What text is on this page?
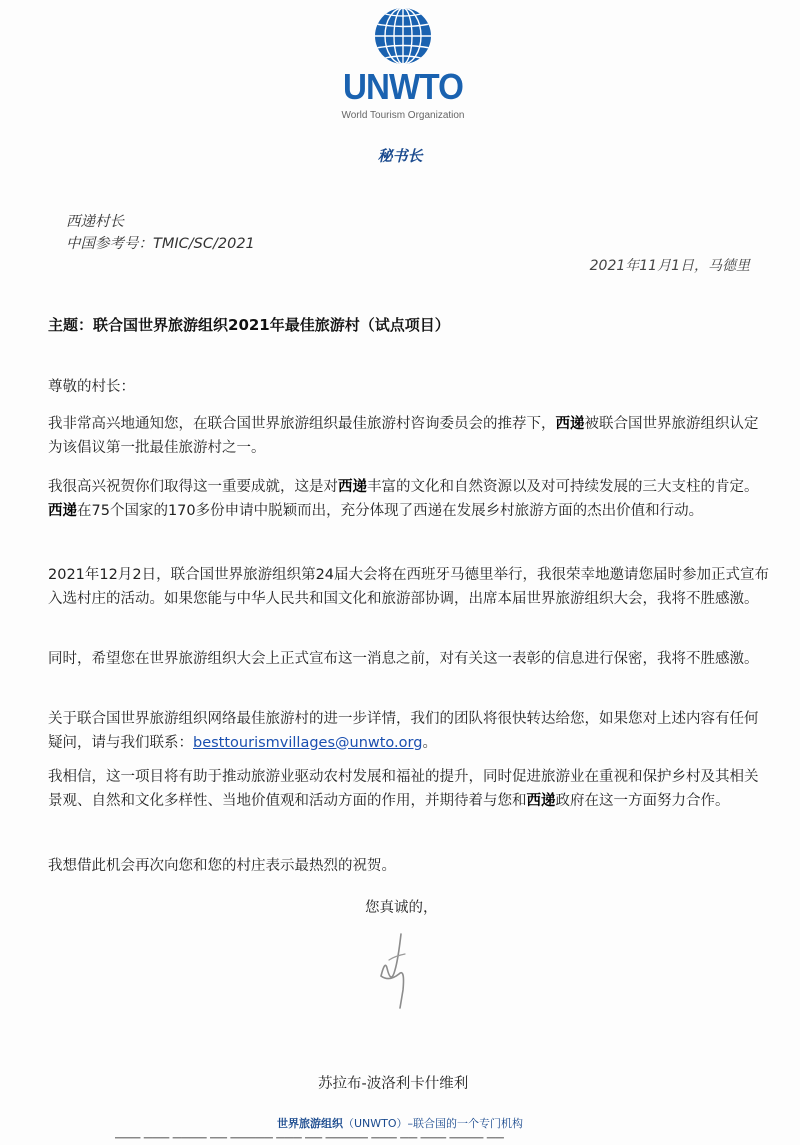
UNWTO
World Tourism Organization
秘书长
西递村长
中国参考号：TMIC/SC/2021
2021年11月1日，马德里
主题：联合国世界旅游组织2021年最佳旅游村（试点项目）
尊敬的村长：
我非常高兴地通知您，在联合国世界旅游组织最佳旅游村咨询委员会的推荐下，西递被联合国世界旅游组织认定为该倡议第一批最佳旅游村之一。
我很高兴祝贺你们取得这一重要成就，这是对西递丰富的文化和自然资源以及对可持续发展的三大支柱的肯定。西递在75个国家的170多份申请中脱颖而出，充分体现了西递在发展乡村旅游方面的杰出价值和行动。
2021年12月2日，联合国世界旅游组织第24届大会将在西班牙马德里举行，我很荣幸地邀请您届时参加正式宣布入选村庄的活动。如果您能与中华人民共和国文化和旅游部协调，出席本届世界旅游组织大会，我将不胜感激。
同时，希望您在世界旅游组织大会上正式宣布这一消息之前，对有关这一表彰的信息进行保密，我将不胜感激。
关于联合国世界旅游组织网络最佳旅游村的进一步详情，我们的团队将很快转达给您，如果您对上述内容有任何疑问，请与我们联系：besttourismvillages@unwto.org。
我相信，这一项目将有助于推动旅游业驱动农村发展和福祉的提升，同时促进旅游业在重视和保护乡村及其相关景观、自然和文化多样性、当地价值观和活动方面的作用，并期待着与您和西递政府在这一方面努力合作。
我想借此机会再次向您和您的村庄表示最热烈的祝贺。
您真诚的，
苏拉布-波洛利卡什维利
世界旅游组织（UNWTO）–联合国的一个专门机构
▔▔▔ ▔▔▔ ▔▔▔▔ ▔▔ ▔▔▔▔▔ ▔▔▔ ▔▔ ▔▔▔▔▔ ▔▔▔ ▔▔ ▔▔▔ ▔▔▔▔ ▔▔
